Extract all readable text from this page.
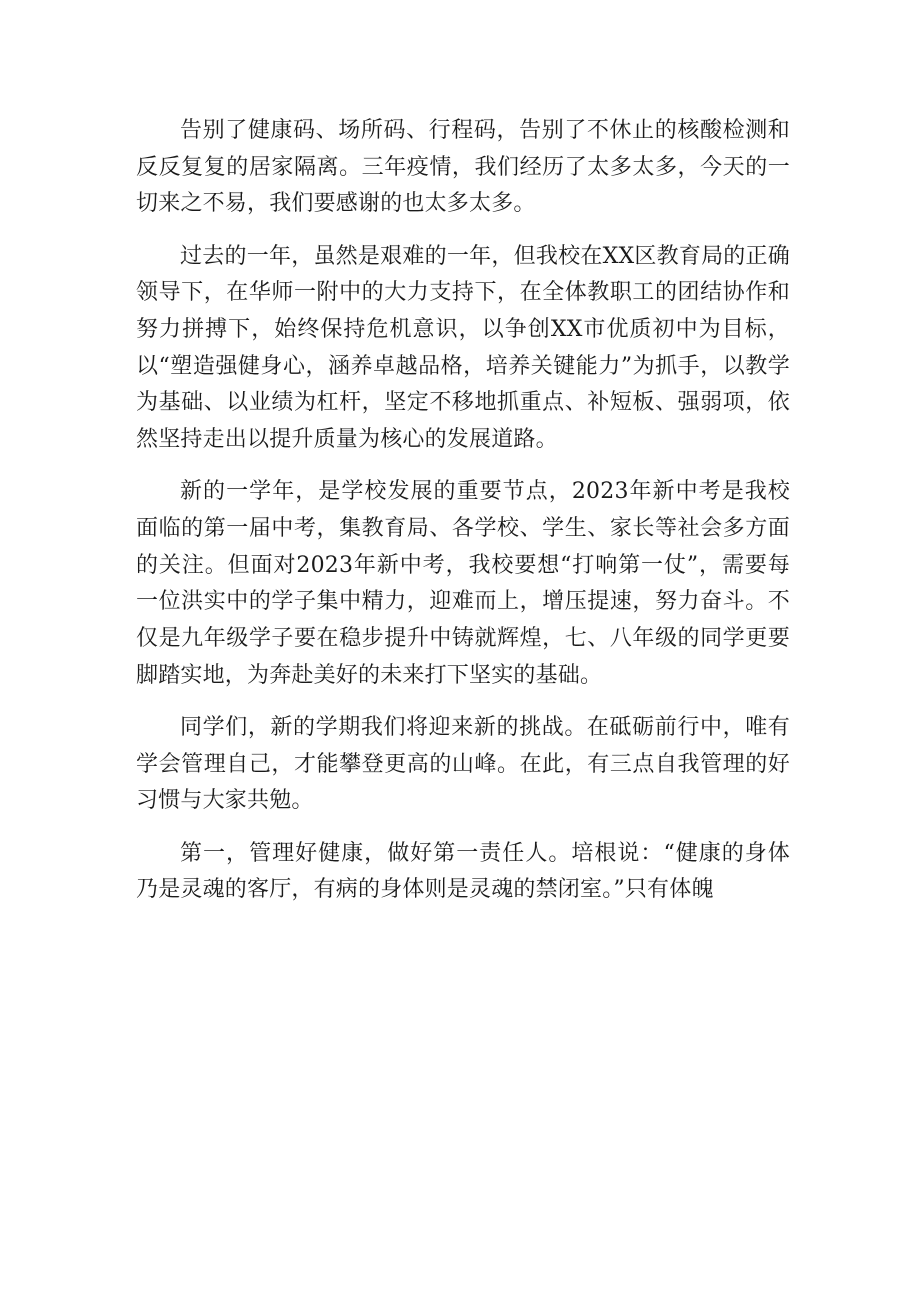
告别了健康码、场所码、行程码，告别了不休止的核酸检测和反反复复的居家隔离。三年疫情，我们经历了太多太多，今天的一切来之不易，我们要感谢的也太多太多。

过去的一年，虽然是艰难的一年，但我校在XX区教育局的正确领导下，在华师一附中的大力支持下，在全体教职工的团结协作和努力拼搏下，始终保持危机意识，以争创XX市优质初中为目标，以“塑造强健身心，涵养卓越品格，培养关键能力”为抓手，以教学为基础、以业绩为杠杆，坚定不移地抓重点、补短板、强弱项，依然坚持走出以提升质量为核心的发展道路。

新的一学年，是学校发展的重要节点，2023年新中考是我校面临的第一届中考，集教育局、各学校、学生、家长等社会多方面的关注。但面对2023年新中考，我校要想“打响第一仗”，需要每一位洪实中的学子集中精力，迎难而上，增压提速，努力奋斗。不仅是九年级学子要在稳步提升中铸就辉煌，七、八年级的同学更要脚踏实地，为奔赴美好的未来打下坚实的基础。

同学们，新的学期我们将迎来新的挑战。在砥砺前行中，唯有学会管理自己，才能攀登更高的山峰。在此，有三点自我管理的好习惯与大家共勉。

第一，管理好健康，做好第一责任人。培根说：“健康的身体乃是灵魂的客厅，有病的身体则是灵魂的禁闭室。”只有体魄
